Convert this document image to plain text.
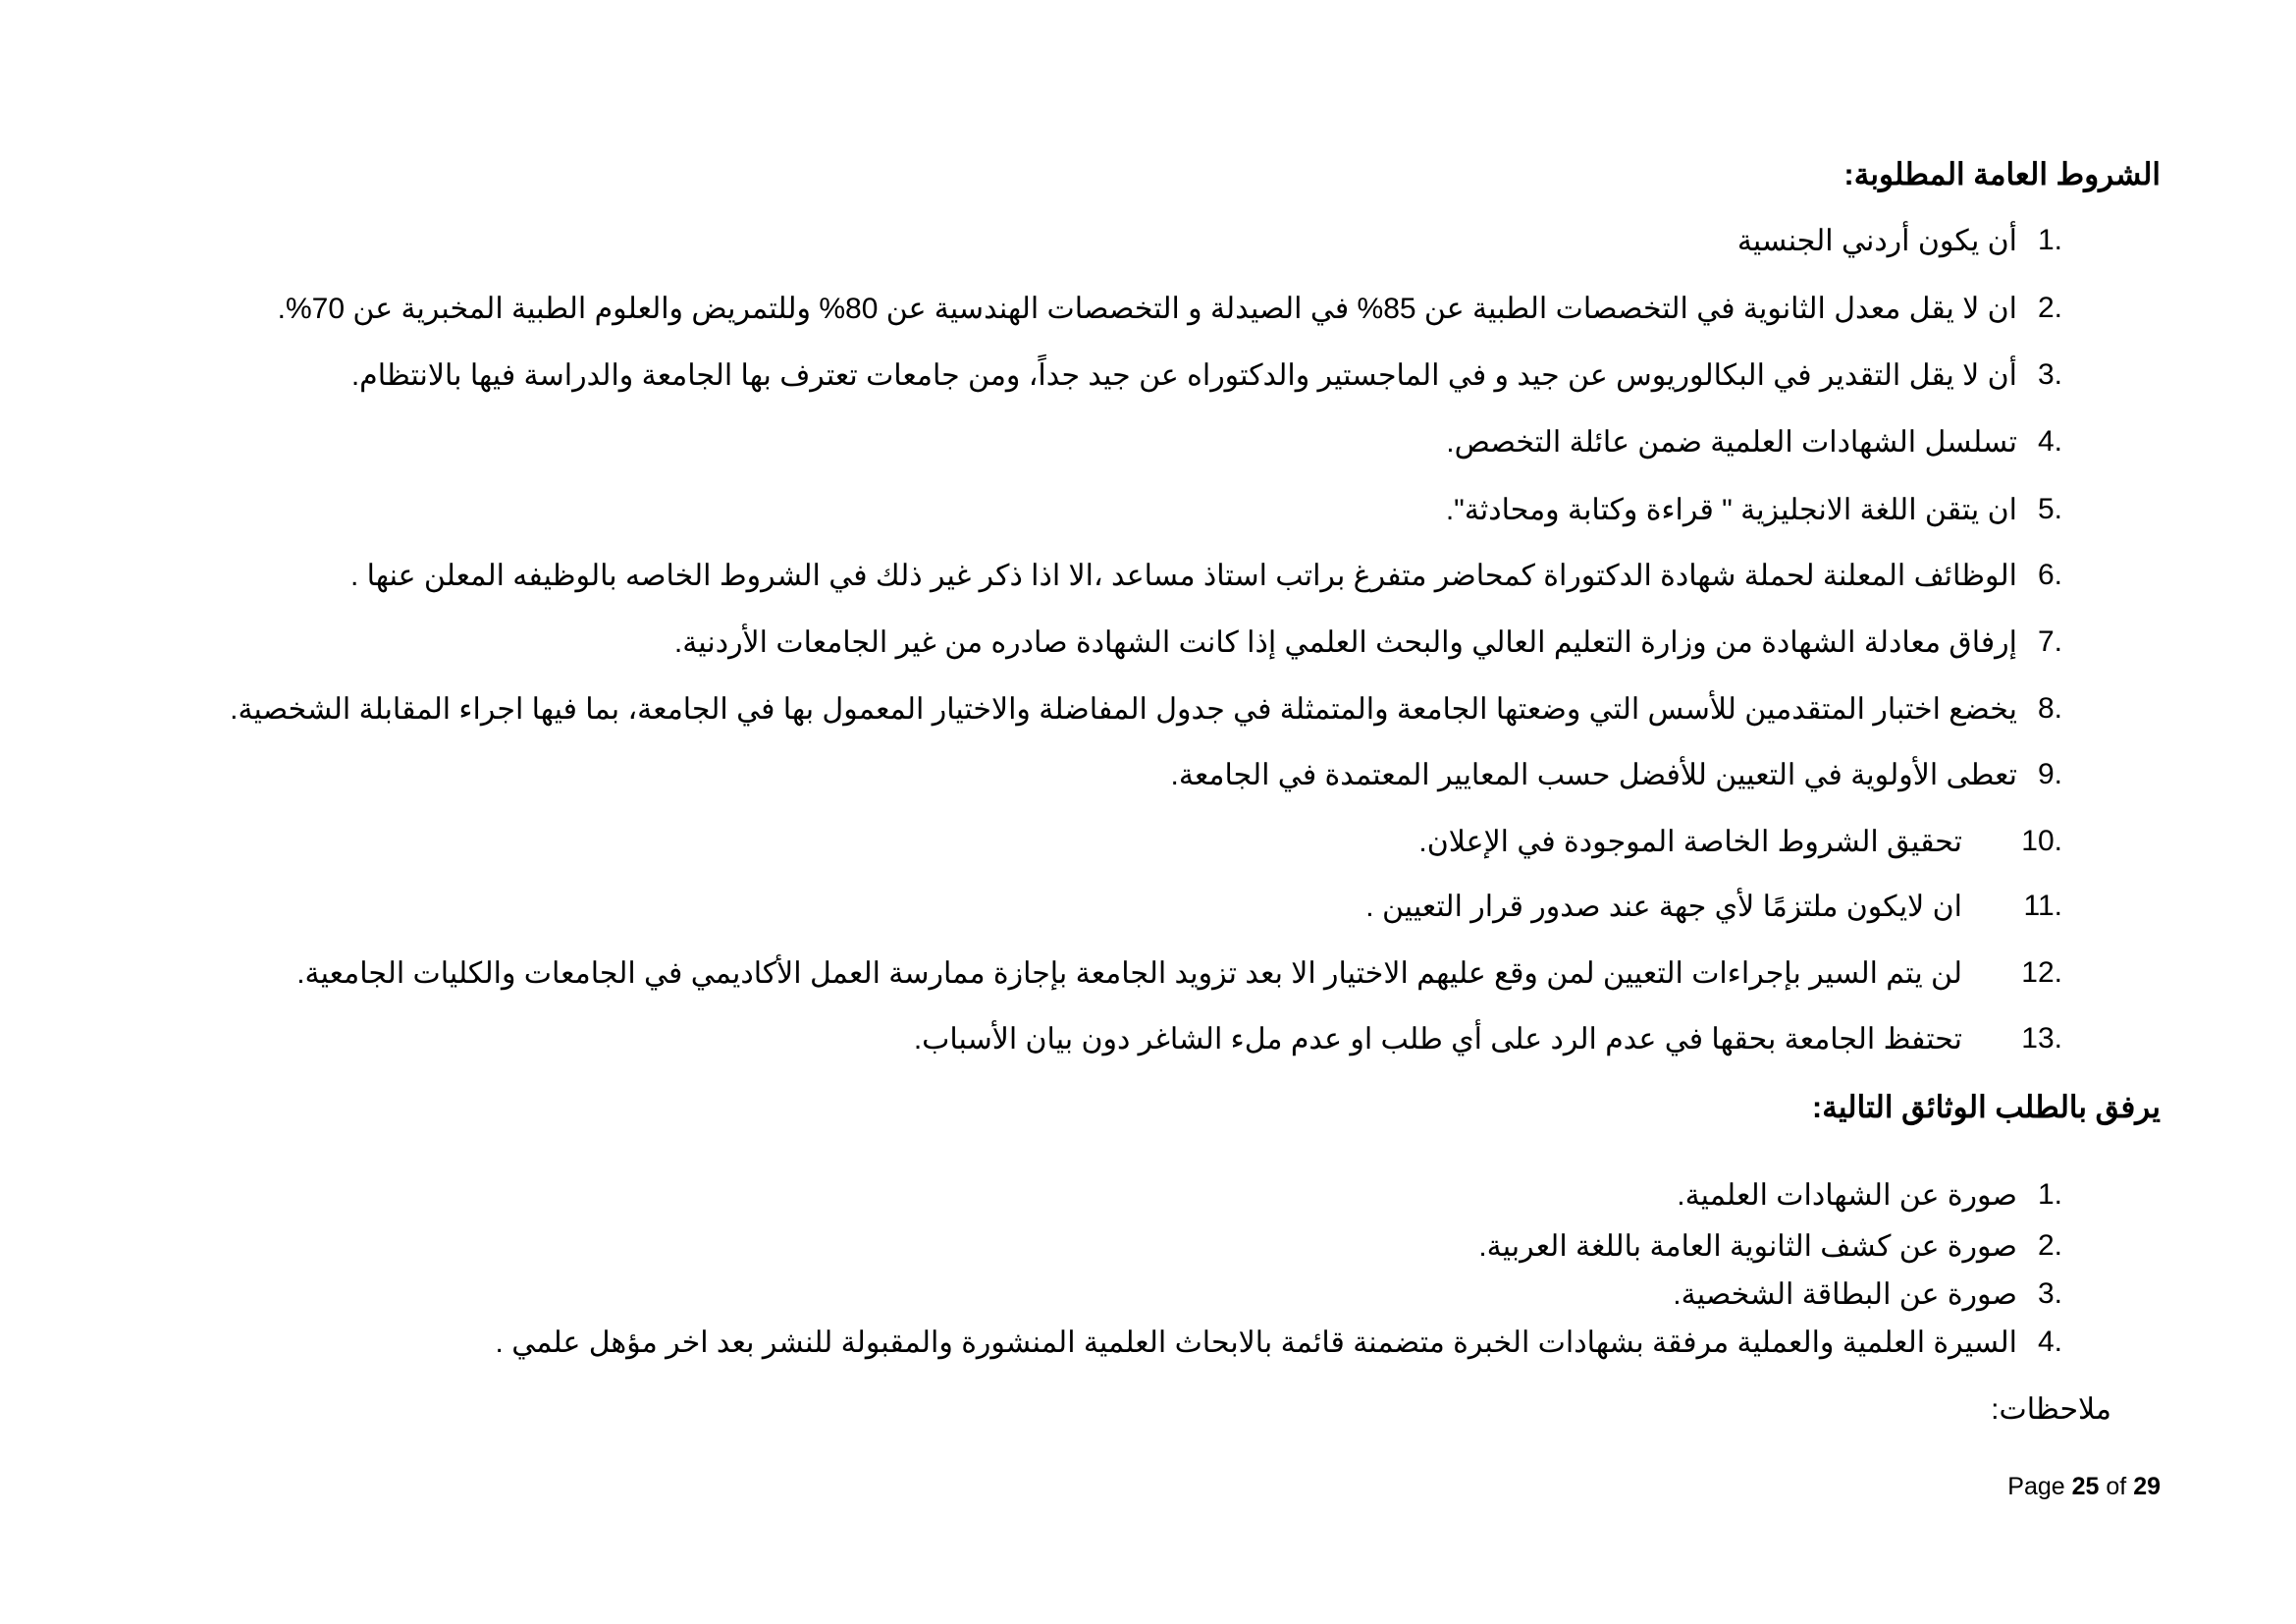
الشروط العامة المطلوبة:
1.
أن يكون أردني الجنسية
2.
ان لا يقل معدل الثانوية في التخصصات الطبية عن 85% في الصيدلة و التخصصات الهندسية عن 80% وللتمريض والعلوم الطبية المخبرية عن 70%.
3.
أن لا يقل التقدير في البكالوريوس عن جيد و في الماجستير والدكتوراه عن جيد جداً، ومن جامعات تعترف بها الجامعة والدراسة فيها بالانتظام.
4.
تسلسل الشهادات العلمية ضمن عائلة التخصص.
5.
ان يتقن اللغة الانجليزية " قراءة وكتابة ومحادثة".
6.
الوظائف المعلنة لحملة شهادة الدكتوراة كمحاضر متفرغ براتب استاذ مساعد ،الا اذا ذكر غير ذلك في الشروط الخاصه بالوظيفه المعلن عنها .
7.
إرفاق معادلة الشهادة من وزارة التعليم العالي والبحث العلمي إذا كانت الشهادة صادره من غير الجامعات الأردنية.
8.
يخضع اختبار المتقدمين للأسس التي وضعتها الجامعة والمتمثلة في جدول المفاضلة والاختيار المعمول بها في الجامعة، بما فيها اجراء المقابلة الشخصية.
9.
تعطى الأولوية في التعيين للأفضل حسب المعايير المعتمدة في الجامعة.
10.
تحقيق الشروط الخاصة الموجودة في الإعلان.
11.
ان لايكون ملتزمًا لأي جهة عند صدور قرار التعيين .
12.
لن يتم السير بإجراءات التعيين لمن وقع عليهم الاختيار الا بعد تزويد الجامعة بإجازة ممارسة العمل الأكاديمي في الجامعات والكليات الجامعية.
13.
تحتفظ الجامعة بحقها في عدم الرد على أي طلب او عدم ملء الشاغر دون بيان الأسباب.
يرفق بالطلب الوثائق التالية:
1.
صورة عن الشهادات العلمية.
2.
صورة عن كشف الثانوية العامة باللغة العربية.
3.
صورة عن البطاقة الشخصية.
4.
السيرة العلمية والعملية مرفقة بشهادات الخبرة متضمنة قائمة بالابحاث العلمية المنشورة والمقبولة للنشر بعد اخر مؤهل علمي .
ملاحظات:
Page 25 of 29
